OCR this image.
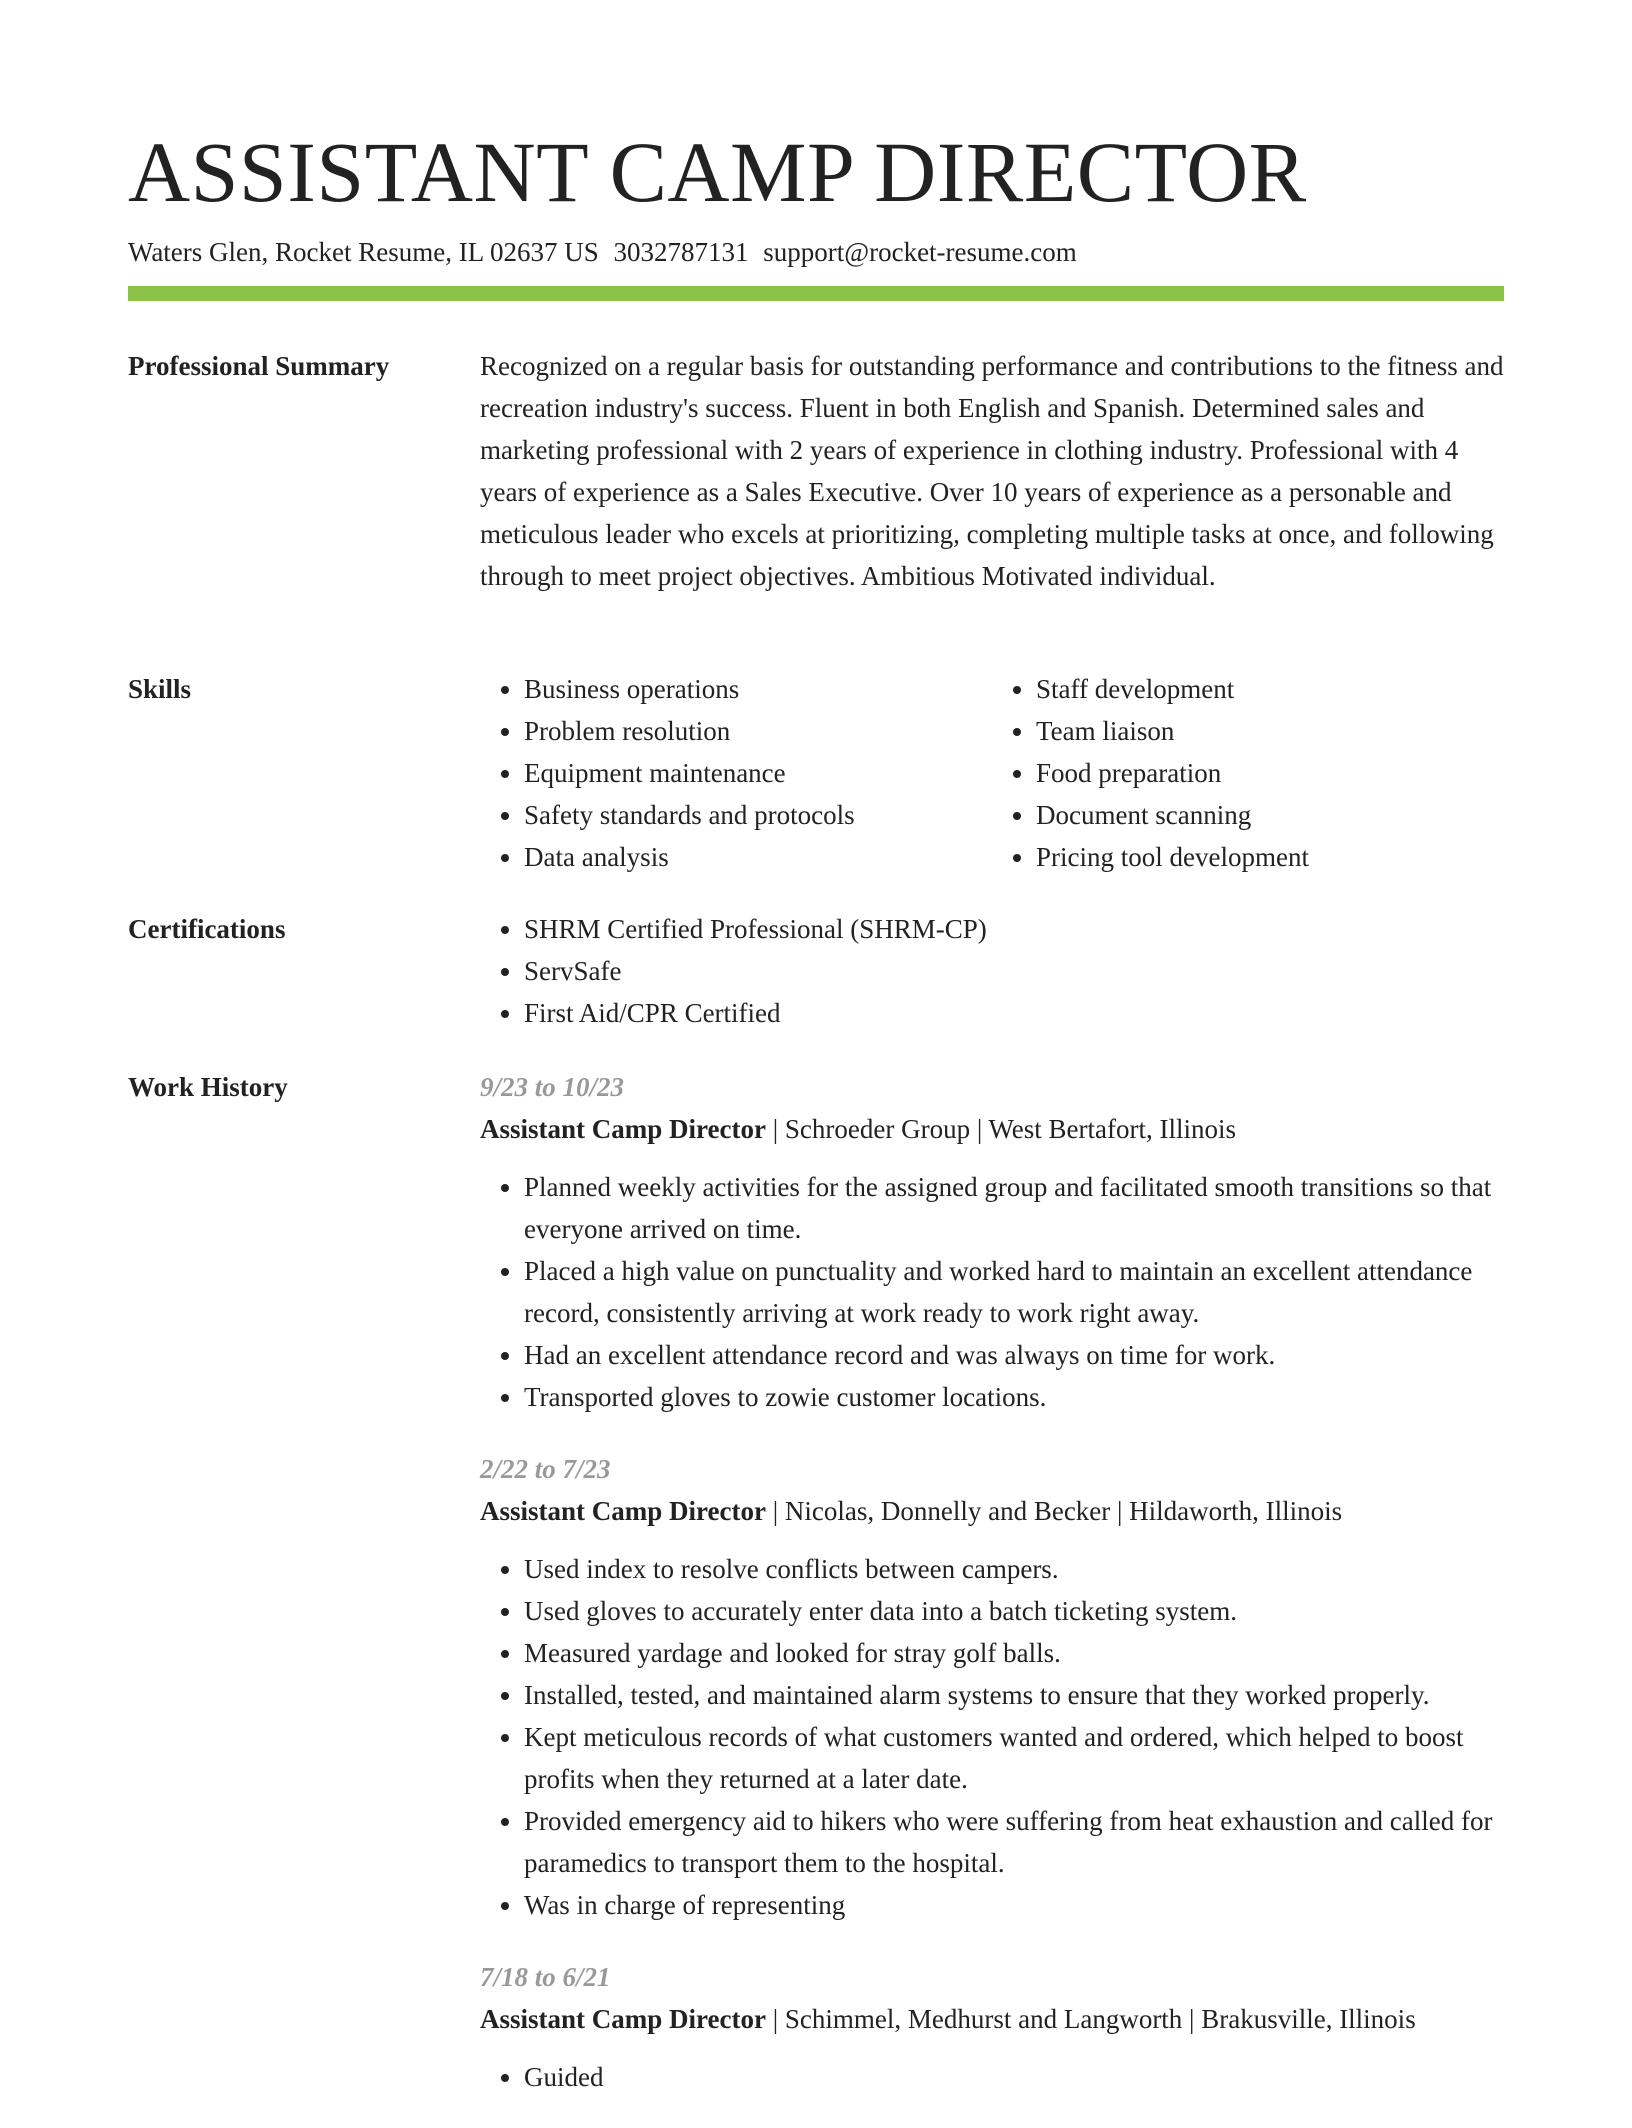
ASSISTANT CAMP DIRECTOR
Waters Glen, Rocket Resume, IL 02637 US 3032787131 support@rocket-resume.com
Professional Summary	Recognized on a regular basis for outstanding performance and contributions to the fitness and recreation industry's success. Fluent in both English and Spanish. Determined sales and marketing professional with 2 years of experience in clothing industry. Professional with 4 years of experience as a Sales Executive. Over 10 years of experience as a personable and meticulous leader who excels at prioritizing, completing multiple tasks at once, and following through to meet project objectives. Ambitious Motivated individual.
Skills	• Business operations
• Problem resolution
• Equipment maintenance
• Safety standards and protocols
• Data analysis
• Staff development
• Team liaison
• Food preparation
• Document scanning
• Pricing tool development
Certifications	• SHRM Certified Professional (SHRM-CP)
• ServSafe
• First Aid/CPR Certified
Work History	9/23 to 10/23
Assistant Camp Director | Schroeder Group | West Bertafort, Illinois
• Planned weekly activities for the assigned group and facilitated smooth transitions so that everyone arrived on time.
• Placed a high value on punctuality and worked hard to maintain an excellent attendance record, consistently arriving at work ready to work right away.
• Had an excellent attendance record and was always on time for work.
• Transported gloves to zowie customer locations.
2/22 to 7/23
Assistant Camp Director | Nicolas, Donnelly and Becker | Hildaworth, Illinois
• Used index to resolve conflicts between campers.
• Used gloves to accurately enter data into a batch ticketing system.
• Measured yardage and looked for stray golf balls.
• Installed, tested, and maintained alarm systems to ensure that they worked properly.
• Kept meticulous records of what customers wanted and ordered, which helped to boost profits when they returned at a later date.
• Provided emergency aid to hikers who were suffering from heat exhaustion and called for paramedics to transport them to the hospital.
• Was in charge of representing
7/18 to 6/21
Assistant Camp Director | Schimmel, Medhurst and Langworth | Brakusville, Illinois
• Guided
